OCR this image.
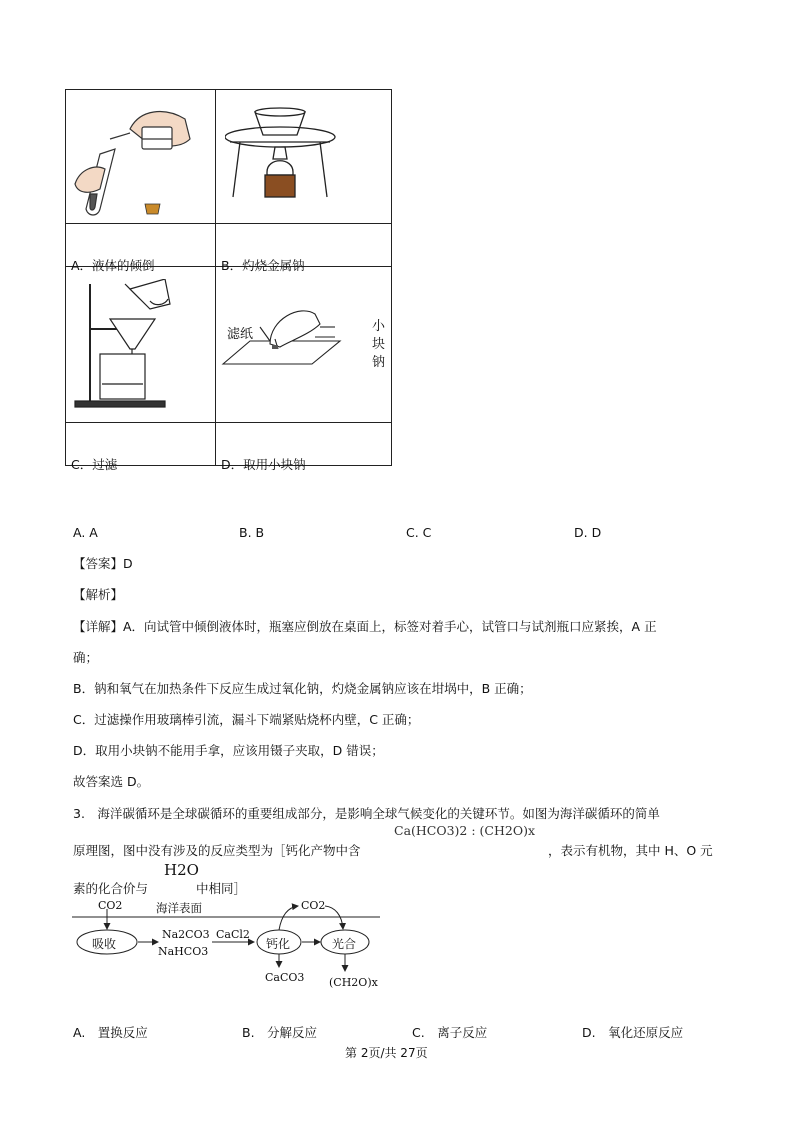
滤纸
小
块
钠
A．液体的倾倒	B．灼烧金属钠
C．过滤	D．取用小块钠
A. A	B. B	C. C	D. D
【答案】D
【解析】
【详解】A．向试管中倾倒液体时，瓶塞应倒放在桌面上，标签对着手心，试管口与试剂瓶口应紧挨，A 正
确；
B．钠和氧气在加热条件下反应生成过氧化钠，灼烧金属钠应该在坩埚中，B 正确；
C．过滤操作用玻璃棒引流，漏斗下端紧贴烧杯内壁，C 正确；
D．取用小块钠不能用手拿，应该用镊子夹取，D 错误；
故答案选 D。
3.　海洋碳循环是全球碳循环的重要组成部分，是影响全球气候变化的关键环节。如图为海洋碳循环的简单
原理图，图中没有涉及的反应类型为［钙化产物中含
Ca(HCO3)2 : (CH2O)x
，表示有机物，其中 H、O 元
素的化合价与
H2O
中相同］
CO2	海洋表面
吸收
Na2CO3
NaHCO3
CaCl2
钙化	光合
CO2
CaCO3 (CH2O)x
A.　置换反应	B.　分解反应	C.　离子反应	D.　氧化还原反应
第 2页/共 27页
